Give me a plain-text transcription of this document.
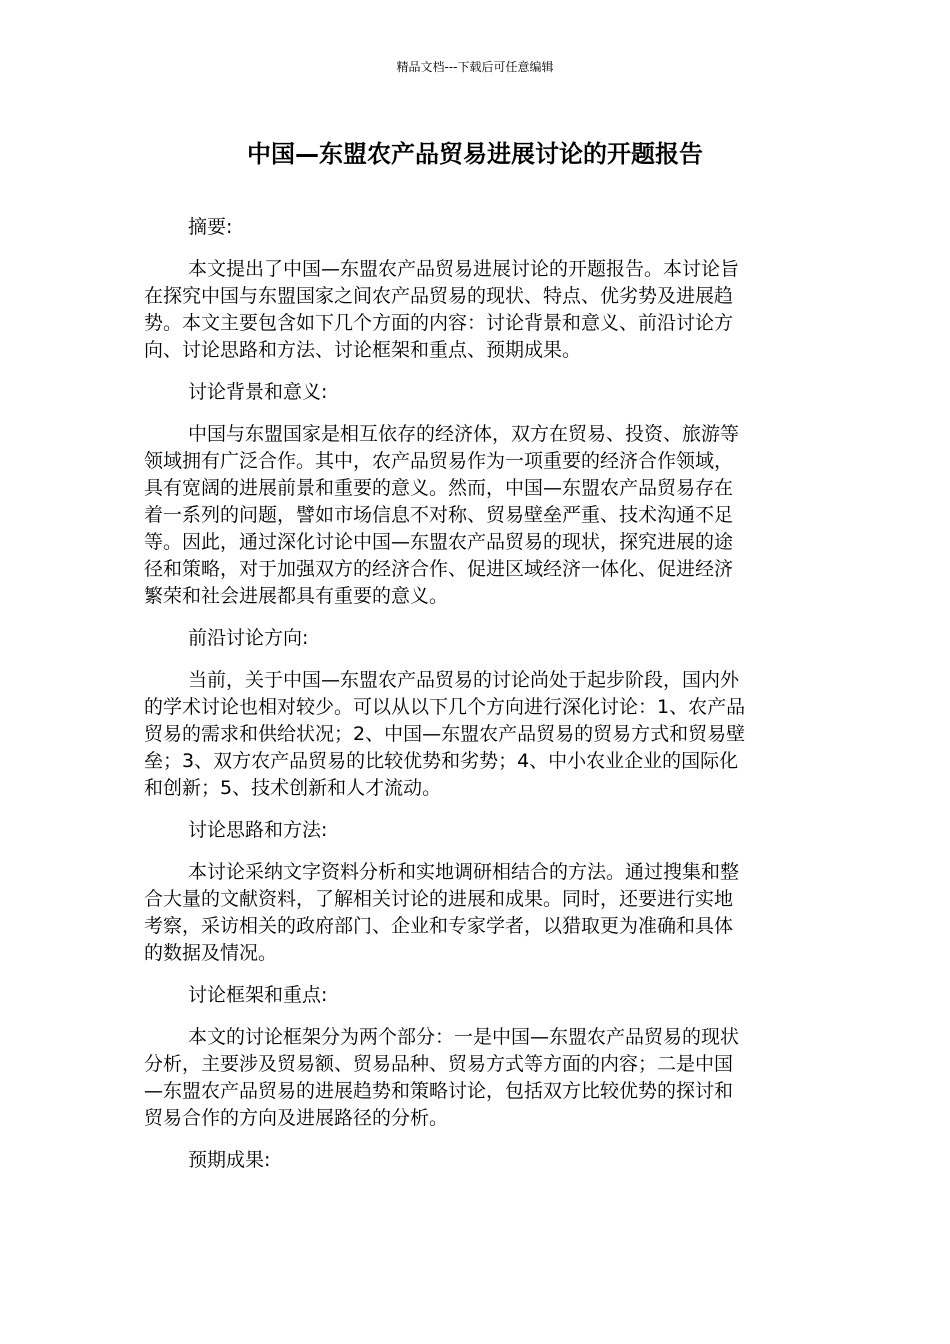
精品文档---下载后可任意编辑
中国—东盟农产品贸易进展讨论的开题报告

摘要:

本文提出了中国—东盟农产品贸易进展讨论的开题报告。本讨论旨
在探究中国与东盟国家之间农产品贸易的现状、特点、优劣势及进展趋
势。本文主要包含如下几个方面的内容：讨论背景和意义、前沿讨论方
向、讨论思路和方法、讨论框架和重点、预期成果。

讨论背景和意义:

中国与东盟国家是相互依存的经济体，双方在贸易、投资、旅游等
领域拥有广泛合作。其中，农产品贸易作为一项重要的经济合作领域，
具有宽阔的进展前景和重要的意义。然而，中国—东盟农产品贸易存在
着一系列的问题，譬如市场信息不对称、贸易壁垒严重、技术沟通不足
等。因此，通过深化讨论中国—东盟农产品贸易的现状，探究进展的途
径和策略，对于加强双方的经济合作、促进区域经济一体化、促进经济
繁荣和社会进展都具有重要的意义。

前沿讨论方向:

当前，关于中国—东盟农产品贸易的讨论尚处于起步阶段，国内外
的学术讨论也相对较少。可以从以下几个方向进行深化讨论：1、农产品
贸易的需求和供给状况；2、中国—东盟农产品贸易的贸易方式和贸易壁
垒；3、双方农产品贸易的比较优势和劣势；4、中小农业企业的国际化
和创新；5、技术创新和人才流动。

讨论思路和方法:

本讨论采纳文字资料分析和实地调研相结合的方法。通过搜集和整
合大量的文献资料，了解相关讨论的进展和成果。同时，还要进行实地
考察，采访相关的政府部门、企业和专家学者，以猎取更为准确和具体
的数据及情况。

讨论框架和重点:

本文的讨论框架分为两个部分：一是中国—东盟农产品贸易的现状
分析，主要涉及贸易额、贸易品种、贸易方式等方面的内容；二是中国
—东盟农产品贸易的进展趋势和策略讨论，包括双方比较优势的探讨和
贸易合作的方向及进展路径的分析。

预期成果:
